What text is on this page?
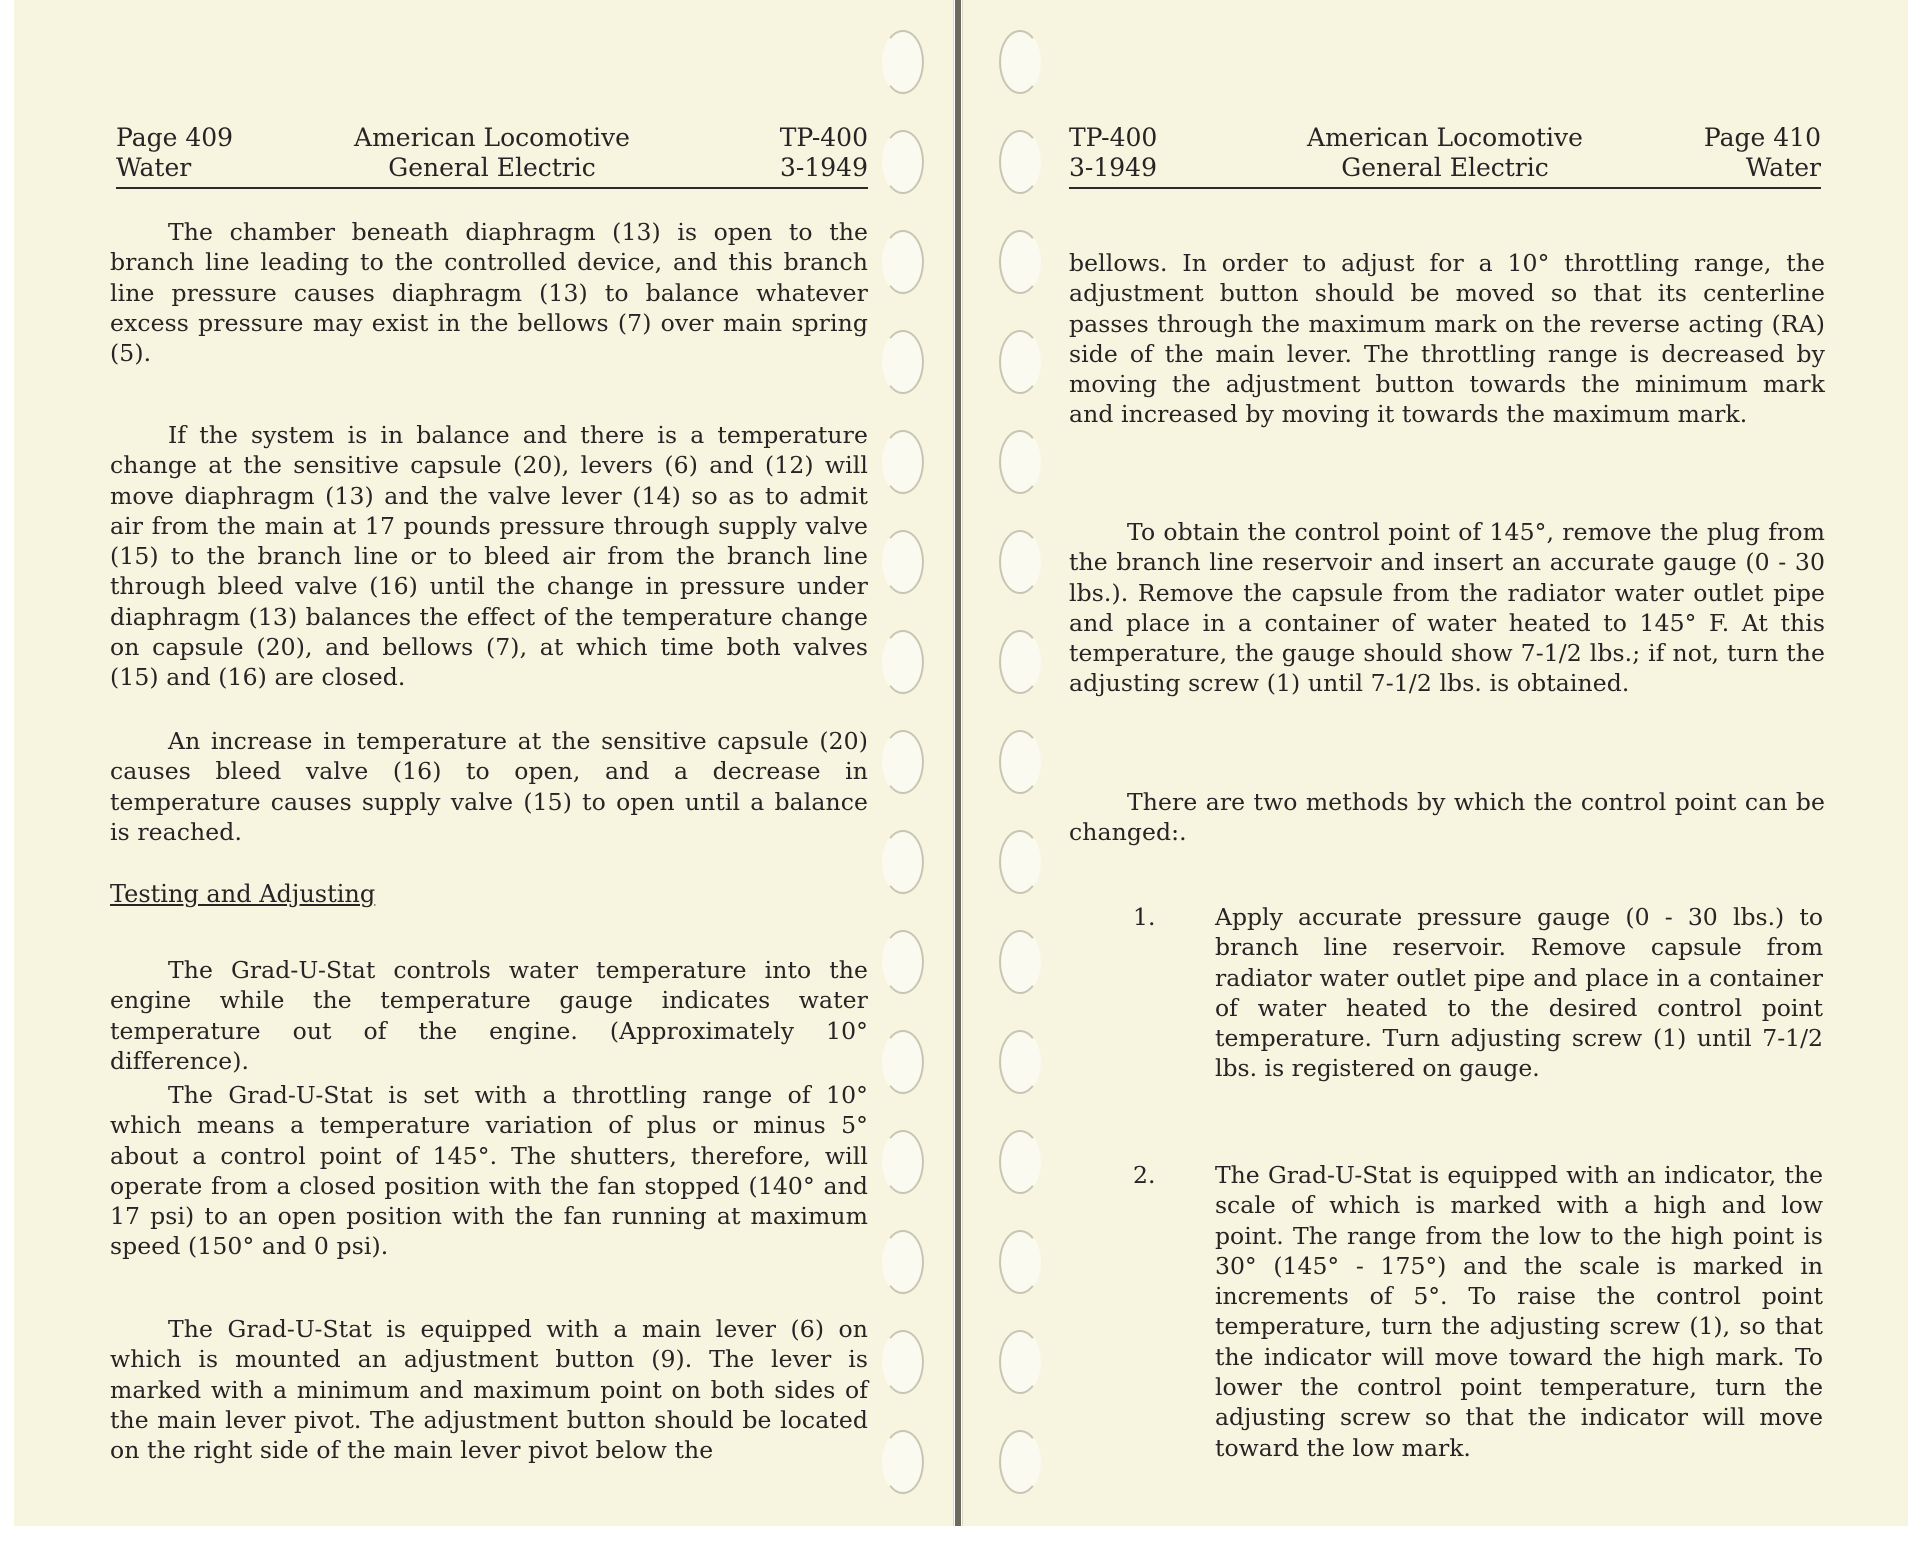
Page 409
Water
American Locomotive
General Electric
TP-400
3-1949

The chamber beneath diaphragm (13) is open to the branch line leading to the controlled device, and this branch line pressure causes diaphragm (13) to balance whatever excess pressure may exist in the bellows (7) over main spring (5).

If the system is in balance and there is a temperature change at the sensitive capsule (20), levers (6) and (12) will move diaphragm (13) and the valve lever (14) so as to admit air from the main at 17 pounds pressure through supply valve (15) to the branch line or to bleed air from the branch line through bleed valve (16) until the change in pressure under diaphragm (13) balances the effect of the temperature change on capsule (20), and bellows (7), at which time both valves (15) and (16) are closed.

An increase in temperature at the sensitive capsule (20) causes bleed valve (16) to open, and a decrease in temperature causes supply valve (15) to open until a balance is reached.

Testing and Adjusting

The Grad-U-Stat controls water temperature into the engine while the temperature gauge indicates water temperature out of the engine. (Approximately 10° difference).

The Grad-U-Stat is set with a throttling range of 10° which means a temperature variation of plus or minus 5° about a control point of 145°. The shutters, therefore, will operate from a closed position with the fan stopped (140° and 17 psi) to an open position with the fan running at maximum speed (150° and 0 psi).

The Grad-U-Stat is equipped with a main lever (6) on which is mounted an adjustment button (9). The lever is marked with a minimum and maximum point on both sides of the main lever pivot. The adjustment button should be located on the right side of the main lever pivot below the

TP-400
3-1949
American Locomotive
General Electric
Page 410
Water

bellows. In order to adjust for a 10° throttling range, the adjustment button should be moved so that its centerline passes through the maximum mark on the reverse acting (RA) side of the main lever. The throttling range is decreased by moving the adjustment button towards the minimum mark and increased by moving it towards the maximum mark.

To obtain the control point of 145°, remove the plug from the branch line reservoir and insert an accurate gauge (0 - 30 lbs.). Remove the capsule from the radiator water outlet pipe and place in a container of water heated to 145° F. At this temperature, the gauge should show 7-1/2 lbs.; if not, turn the adjusting screw (1) until 7-1/2 lbs. is obtained.

There are two methods by which the control point can be changed:.

1.	Apply accurate pressure gauge (0 - 30 lbs.) to branch line reservoir. Remove capsule from radiator water outlet pipe and place in a container of water heated to the desired control point temperature. Turn adjusting screw (1) until 7-1/2 lbs. is registered on gauge.
2.	The Grad-U-Stat is equipped with an indicator, the scale of which is marked with a high and low point. The range from the low to the high point is 30° (145° - 175°) and the scale is marked in increments of 5°. To raise the control point temperature, turn the adjusting screw (1), so that the indicator will move toward the high mark. To lower the control point temperature, turn the adjusting screw so that the indicator will move toward the low mark.
